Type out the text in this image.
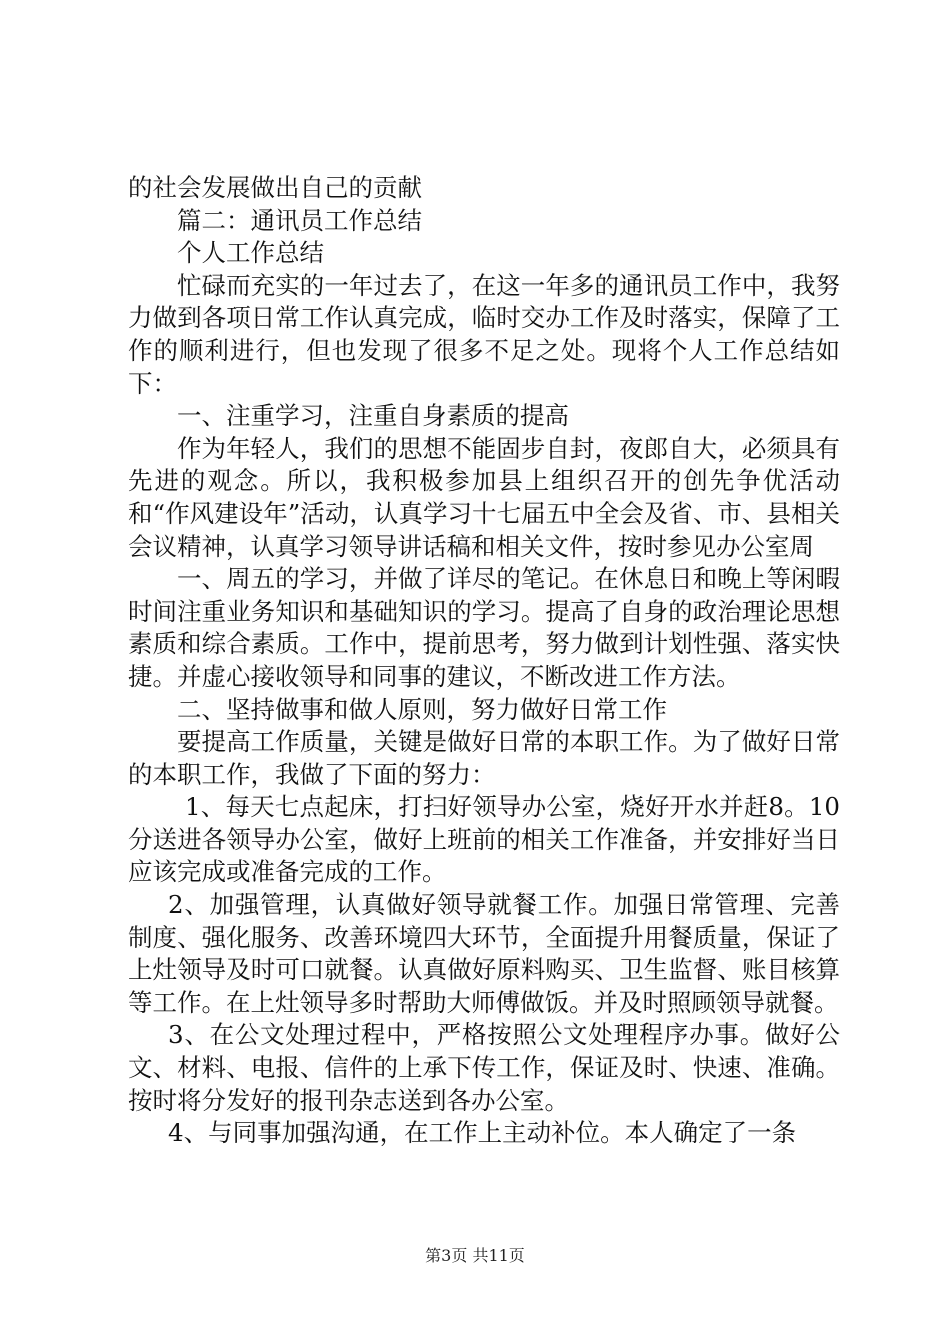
的社会发展做出自己的贡献

篇二：通讯员工作总结

个人工作总结

忙碌而充实的一年过去了，在这一年多的通讯员工作中，我努力做到各项日常工作认真完成，临时交办工作及时落实，保障了工作的顺利进行，但也发现了很多不足之处。现将个人工作总结如下：

一、注重学习，注重自身素质的提高

作为年轻人，我们的思想不能固步自封，夜郎自大，必须具有先进的观念。所以，我积极参加县上组织召开的创先争优活动和“作风建设年”活动，认真学习十七届五中全会及省、市、县相关会议精神，认真学习领导讲话稿和相关文件，按时参见办公室周

一、周五的学习，并做了详尽的笔记。在休息日和晚上等闲暇时间注重业务知识和基础知识的学习。提高了自身的政治理论思想素质和综合素质。工作中，提前思考，努力做到计划性强、落实快捷。并虚心接收领导和同事的建议，不断改进工作方法。

二、坚持做事和做人原则，努力做好日常工作

要提高工作质量，关键是做好日常的本职工作。为了做好日常的本职工作，我做了下面的努力：

1、每天七点起床，打扫好领导办公室，烧好开水并赶8。10分送进各领导办公室，做好上班前的相关工作准备，并安排好当日应该完成或准备完成的工作。

2、加强管理，认真做好领导就餐工作。加强日常管理、完善制度、强化服务、改善环境四大环节，全面提升用餐质量，保证了上灶领导及时可口就餐。认真做好原料购买、卫生监督、账目核算等工作。在上灶领导多时帮助大师傅做饭。并及时照顾领导就餐。

3、在公文处理过程中，严格按照公文处理程序办事。做好公文、材料、电报、信件的上承下传工作，保证及时、快速、准确。按时将分发好的报刊杂志送到各办公室。

4、与同事加强沟通，在工作上主动补位。本人确定了一条

第3页 共11页
